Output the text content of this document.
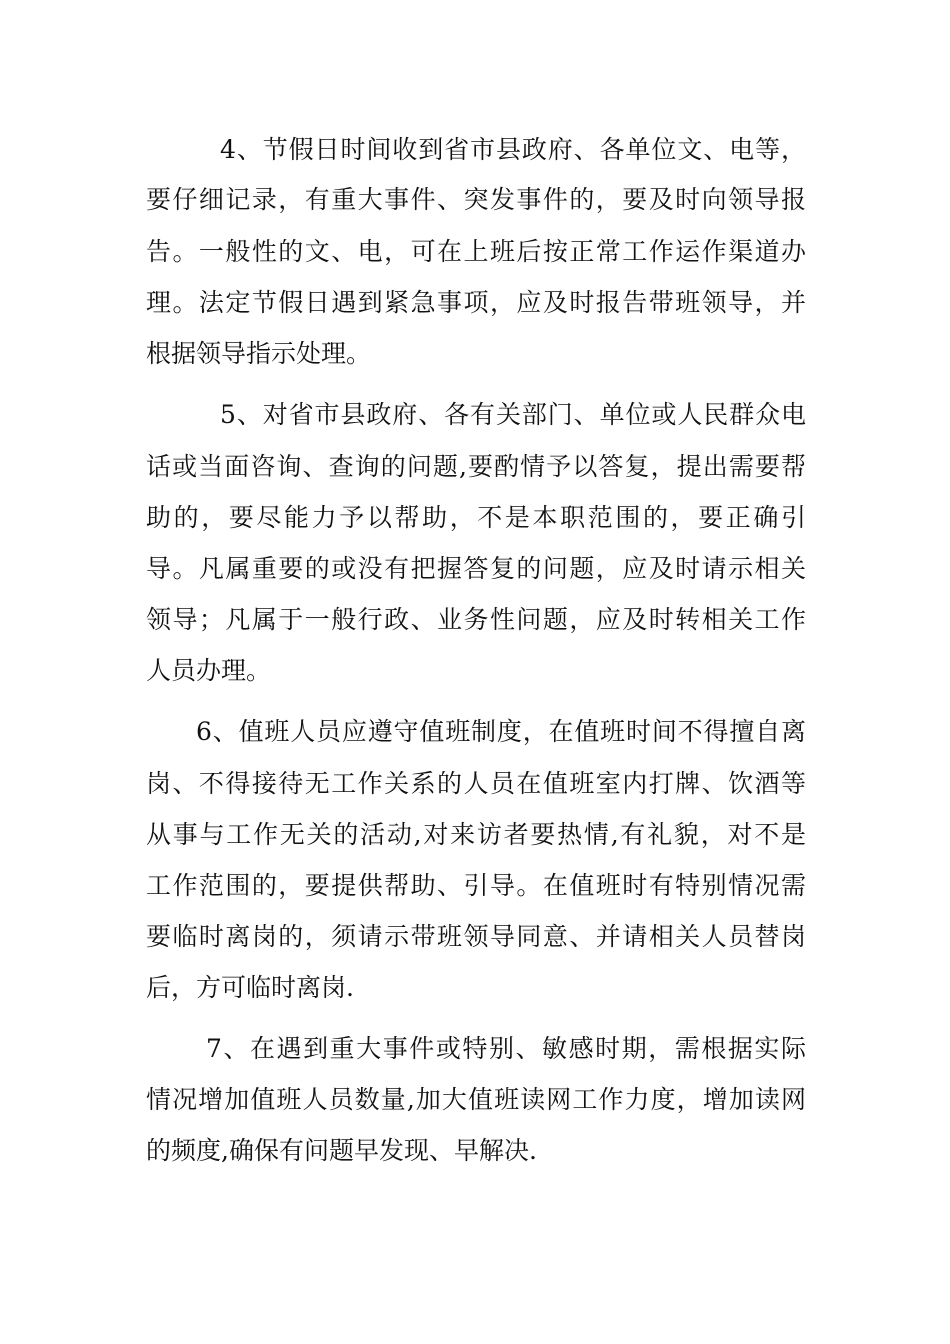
4、节假日时间收到省市县政府、各单位文、电等，
要仔细记录，有重大事件、突发事件的，要及时向领导报
告。一般性的文、电，可在上班后按正常工作运作渠道办
理。法定节假日遇到紧急事项，应及时报告带班领导，并
根据领导指示处理。
5、对省市县政府、各有关部门、单位或人民群众电
话或当面咨询、查询的问题,要酌情予以答复，提出需要帮
助的，要尽能力予以帮助，不是本职范围的，要正确引
导。凡属重要的或没有把握答复的问题，应及时请示相关
领导；凡属于一般行政、业务性问题，应及时转相关工作
人员办理。
6、值班人员应遵守值班制度，在值班时间不得擅自离
岗、不得接待无工作关系的人员在值班室内打牌、饮酒等
从事与工作无关的活动,对来访者要热情,有礼貌，对不是
工作范围的，要提供帮助、引导。在值班时有特别情况需
要临时离岗的，须请示带班领导同意、并请相关人员替岗
后，方可临时离岗.
7、在遇到重大事件或特别、敏感时期，需根据实际
情况增加值班人员数量,加大值班读网工作力度，增加读网
的频度,确保有问题早发现、早解决.
